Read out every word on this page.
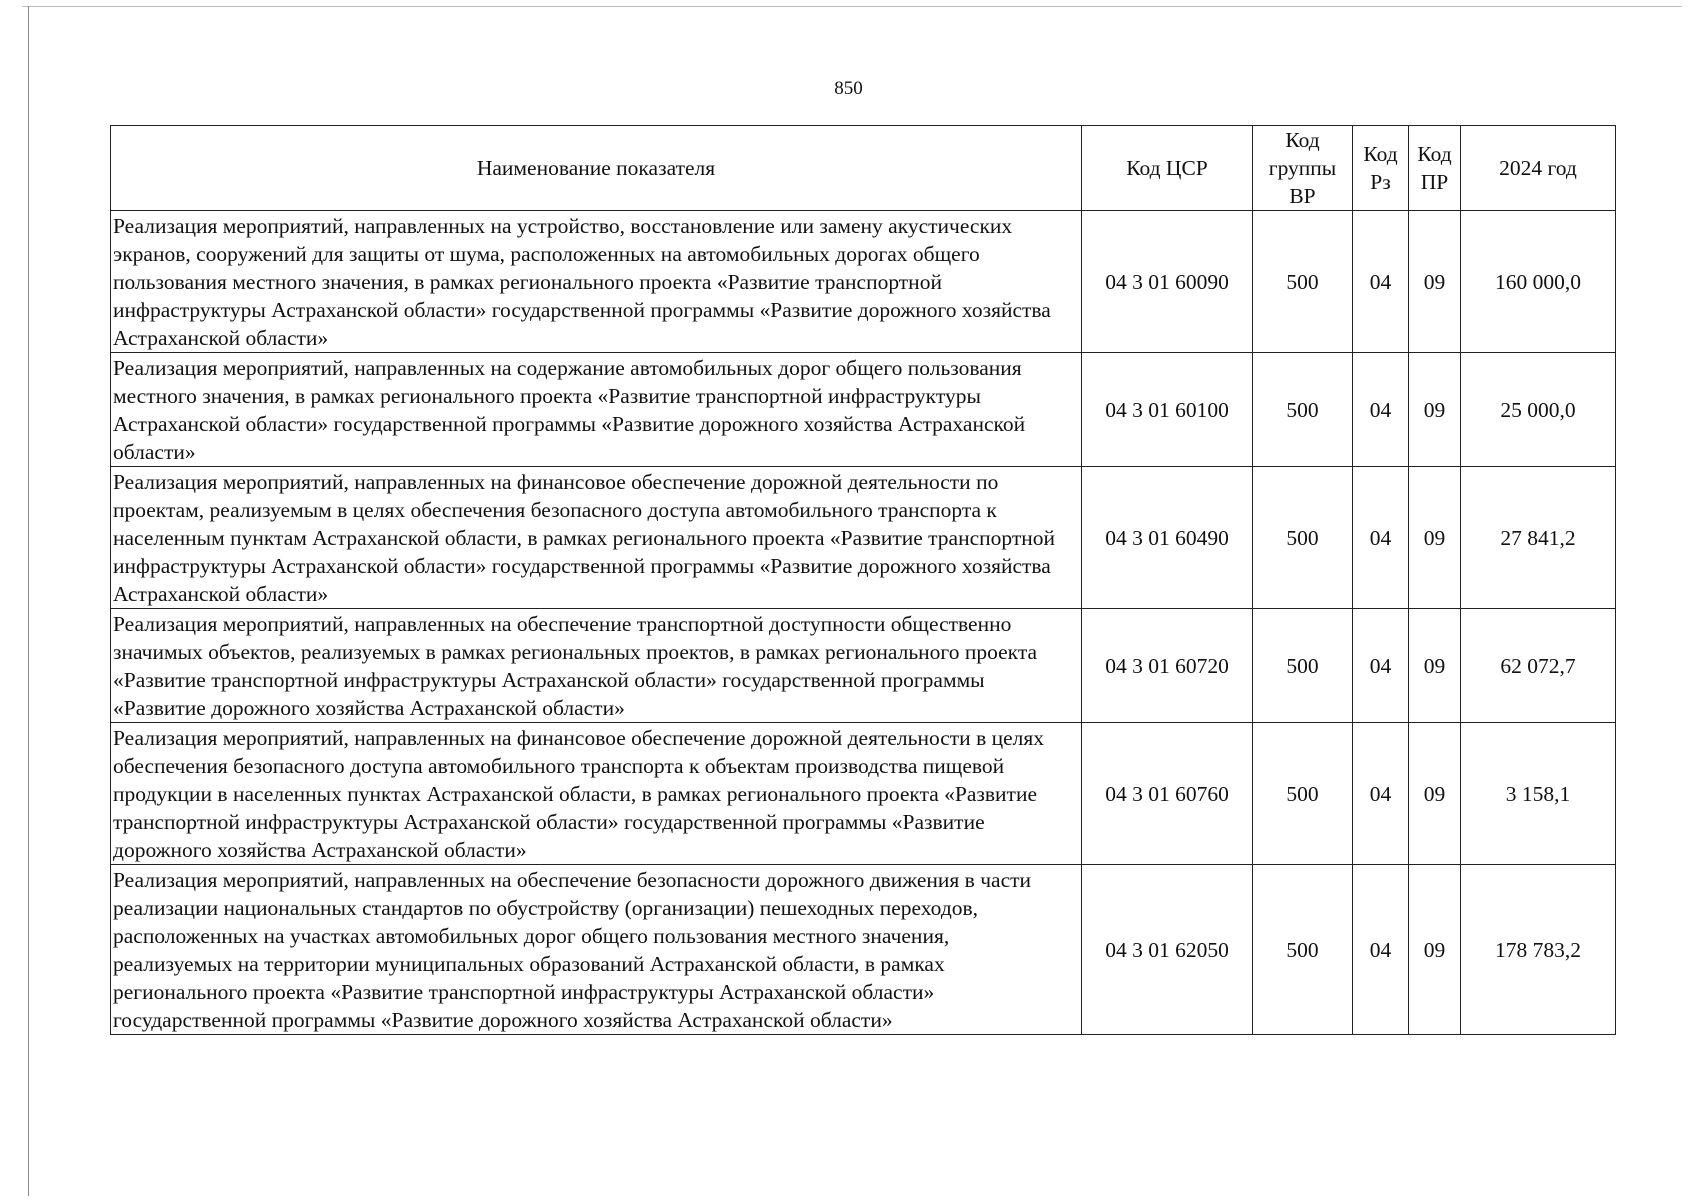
850
Наименование показателя	Код ЦСР	Код группы ВР	Код Рз	Код ПР	2024 год
Реализация мероприятий, направленных на устройство, восстановление или замену акустических экранов, сооружений для защиты от шума, расположенных на автомобильных дорогах общего пользования местного значения, в рамках регионального проекта «Развитие транспортной инфраструктуры Астраханской области» государственной программы «Развитие дорожного хозяйства Астраханской области»	04 3 01 60090	500	04	09	160 000,0
Реализация мероприятий, направленных на содержание автомобильных дорог общего пользования местного значения, в рамках регионального проекта «Развитие транспортной инфраструктуры Астраханской области» государственной программы «Развитие дорожного хозяйства Астраханской области»	04 3 01 60100	500	04	09	25 000,0
Реализация мероприятий, направленных на финансовое обеспечение дорожной деятельности по проектам, реализуемым в целях обеспечения безопасного доступа автомобильного транспорта к населенным пунктам Астраханской области, в рамках регионального проекта «Развитие транспортной инфраструктуры Астраханской области» государственной программы «Развитие дорожного хозяйства Астраханской области»	04 3 01 60490	500	04	09	27 841,2
Реализация мероприятий, направленных на обеспечение транспортной доступности общественно значимых объектов, реализуемых в рамках региональных проектов, в рамках регионального проекта «Развитие транспортной инфраструктуры Астраханской области» государственной программы «Развитие дорожного хозяйства Астраханской области»	04 3 01 60720	500	04	09	62 072,7
Реализация мероприятий, направленных на финансовое обеспечение дорожной деятельности в целях обеспечения безопасного доступа автомобильного транспорта к объектам производства пищевой продукции в населенных пунктах Астраханской области, в рамках регионального проекта «Развитие транспортной инфраструктуры Астраханской области» государственной программы «Развитие дорожного хозяйства Астраханской области»	04 3 01 60760	500	04	09	3 158,1
Реализация мероприятий, направленных на обеспечение безопасности дорожного движения в части реализации национальных стандартов по обустройству (организации) пешеходных переходов, расположенных на участках автомобильных дорог общего пользования местного значения, реализуемых на территории муниципальных образований Астраханской области, в рамках регионального проекта «Развитие транспортной инфраструктуры Астраханской области» государственной программы «Развитие дорожного хозяйства Астраханской области»	04 3 01 62050	500	04	09	178 783,2
